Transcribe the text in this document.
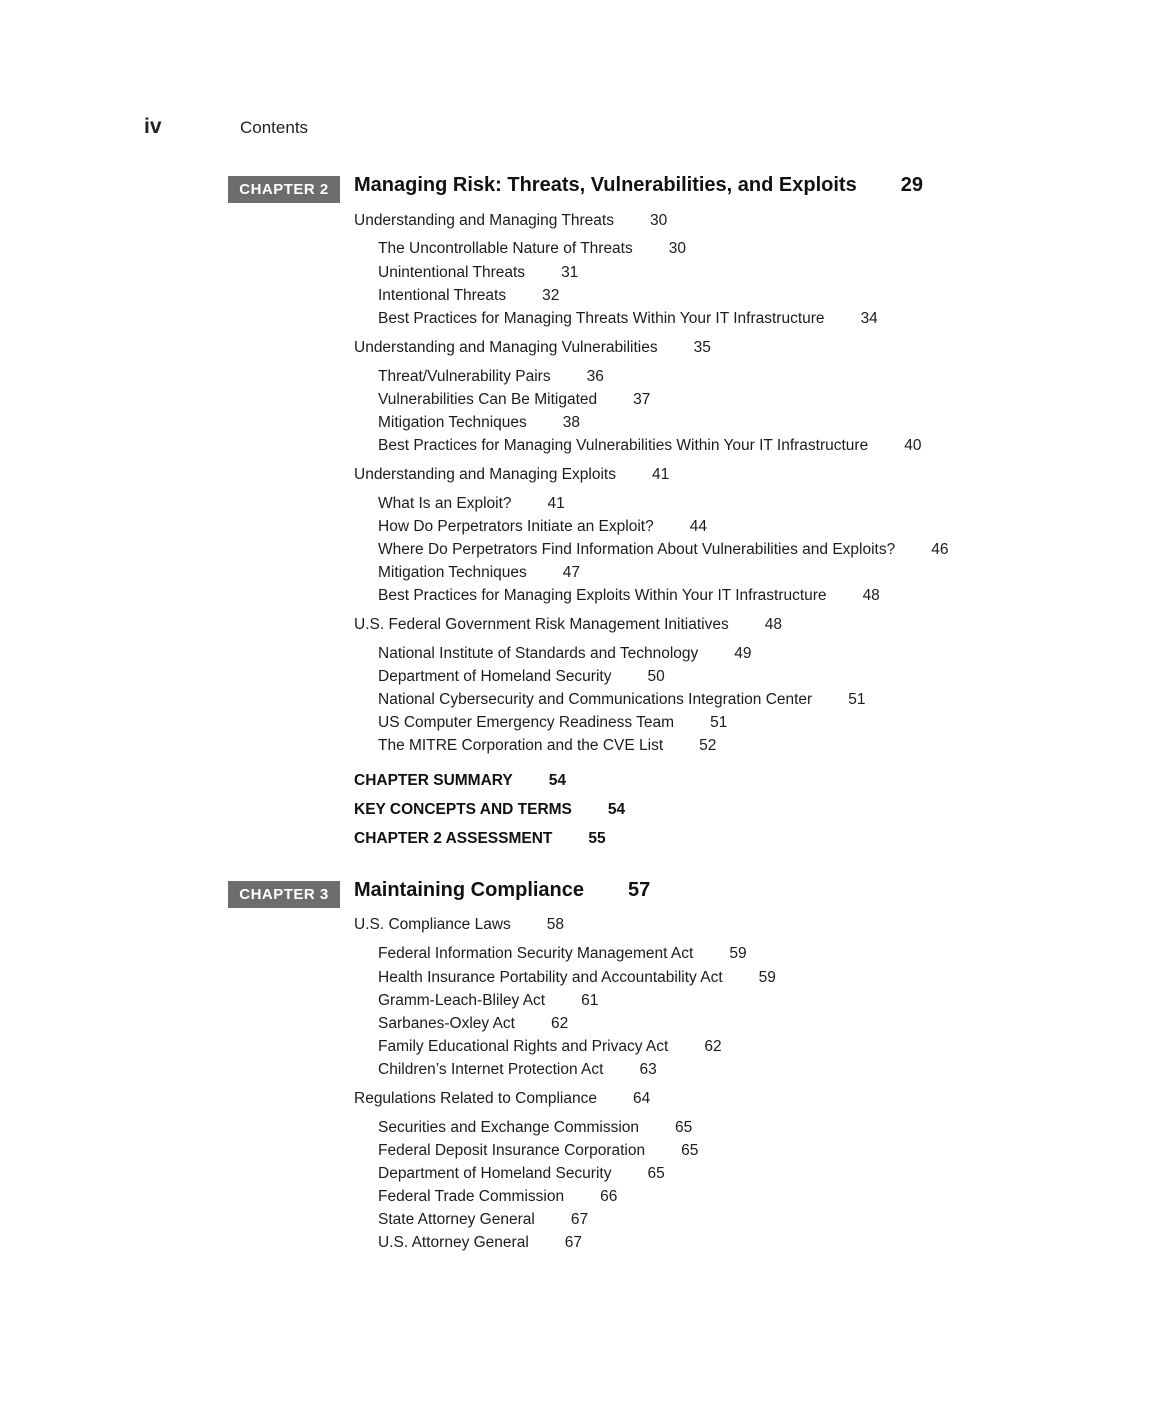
iv	Contents
CHAPTER 2	Managing Risk: Threats, Vulnerabilities, and Exploits 29
Understanding and Managing Threats 30
The Uncontrollable Nature of Threats 30
Unintentional Threats 31
Intentional Threats 32
Best Practices for Managing Threats Within Your IT Infrastructure 34
Understanding and Managing Vulnerabilities 35
Threat/Vulnerability Pairs 36
Vulnerabilities Can Be Mitigated 37
Mitigation Techniques 38
Best Practices for Managing Vulnerabilities Within Your IT Infrastructure 40
Understanding and Managing Exploits 41
What Is an Exploit? 41
How Do Perpetrators Initiate an Exploit? 44
Where Do Perpetrators Find Information About Vulnerabilities and Exploits? 46
Mitigation Techniques 47
Best Practices for Managing Exploits Within Your IT Infrastructure 48
U.S. Federal Government Risk Management Initiatives 48
National Institute of Standards and Technology 49
Department of Homeland Security 50
National Cybersecurity and Communications Integration Center 51
US Computer Emergency Readiness Team 51
The MITRE Corporation and the CVE List 52
CHAPTER SUMMARY 54
KEY CONCEPTS AND TERMS 54
CHAPTER 2 ASSESSMENT 55
CHAPTER 3	Maintaining Compliance 57
U.S. Compliance Laws 58
Federal Information Security Management Act 59
Health Insurance Portability and Accountability Act 59
Gramm-Leach-Bliley Act 61
Sarbanes-Oxley Act 62
Family Educational Rights and Privacy Act 62
Children’s Internet Protection Act 63
Regulations Related to Compliance 64
Securities and Exchange Commission 65
Federal Deposit Insurance Corporation 65
Department of Homeland Security 65
Federal Trade Commission 66
State Attorney General 67
U.S. Attorney General 67
